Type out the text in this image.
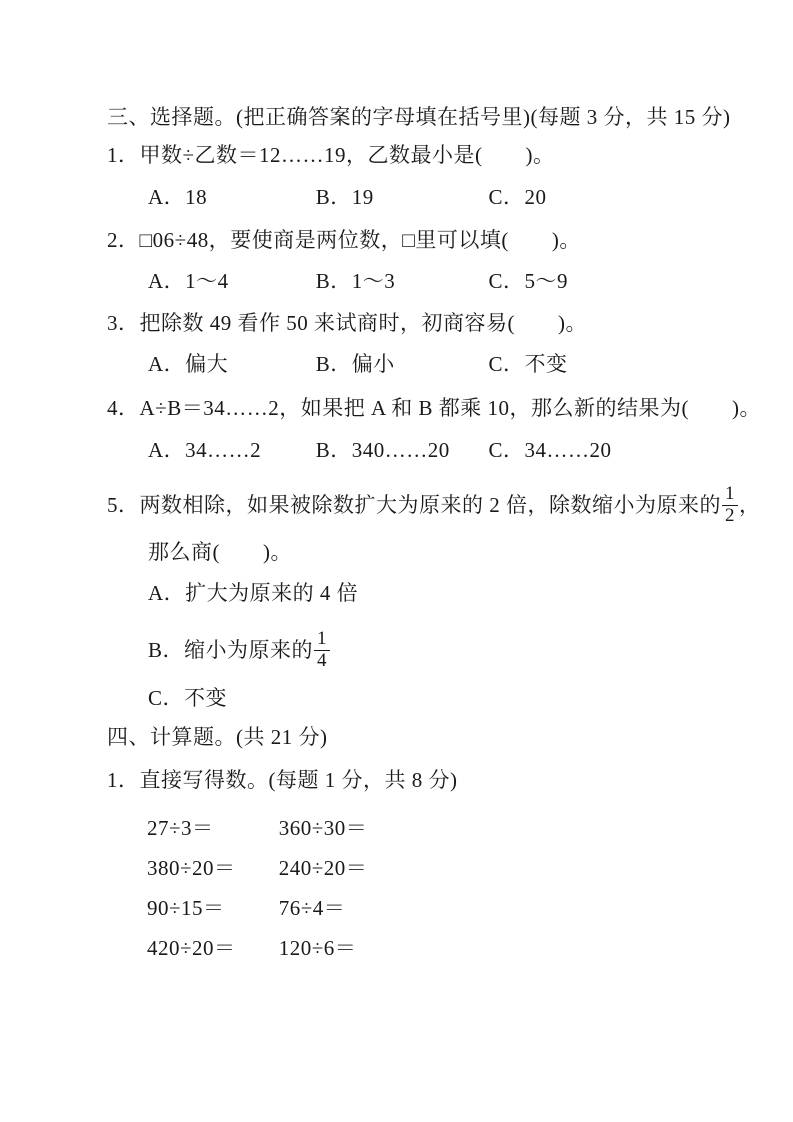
三、选择题。(把正确答案的字母填在括号里)(每题 3 分，共 15 分)
1．甲数÷乙数＝12……19，乙数最小是(　　)。
A．18	B．19	C．20
2．□06÷48，要使商是两位数，□里可以填(　　)。
A．1～4	B．1～3	C．5～9
3．把除数 49 看作 50 来试商时，初商容易(　　)。
A．偏大	B．偏小	C．不变
4．A÷B＝34……2，如果把 A 和 B 都乘 10，那么新的结果为(　　)。
A．34……2	B．340……20 C．34……20
5．两数相除，如果被除数扩大为原来的 2 倍，除数缩小为原来的 $\frac{1}{2}$ ，
那么商(　　)。
A．扩大为原来的 4 倍
B．缩小为原来的 $\frac{1}{4}$
C．不变
四、计算题。(共 21 分)
1．直接写得数。(每题 1 分，共 8 分)
27÷3＝	360÷30＝
380÷20＝ 240÷20＝
90÷15＝	76÷4＝
420÷20＝ 120÷6＝
